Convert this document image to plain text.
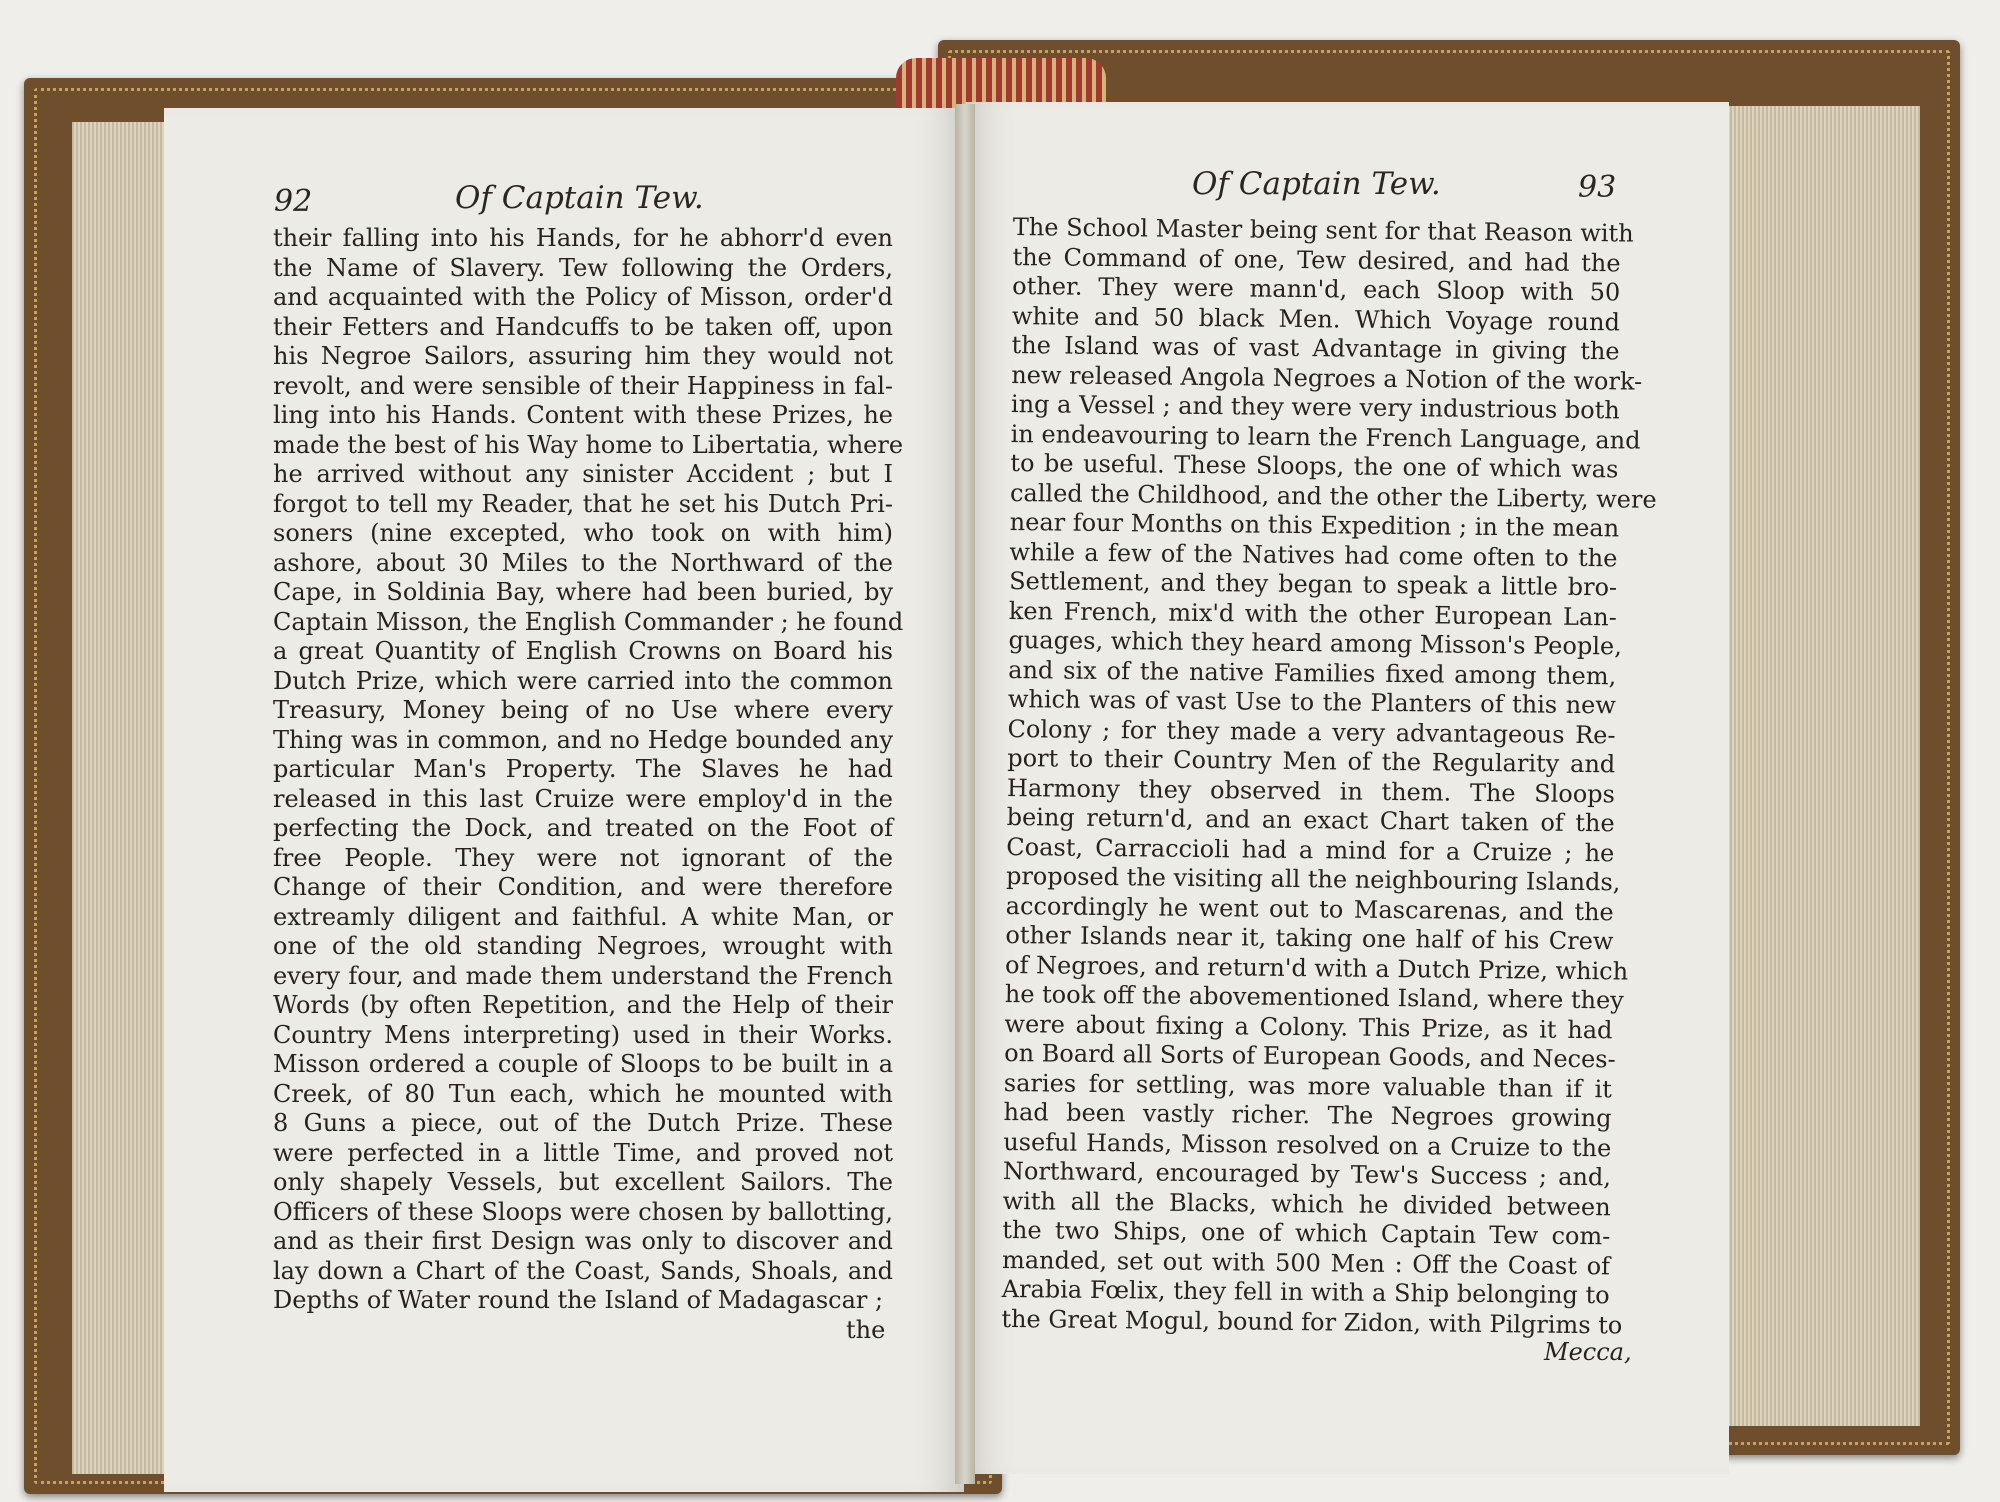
92	Of Captain Tew.	Of Captain Tew.	93
their falling into his Hands, for he abhorr'd even
the Name of Slavery. Tew following the Orders,
and acquainted with the Policy of Misson, order'd
their Fetters and Handcuffs to be taken off, upon
his Negroe Sailors, assuring him they would not
revolt, and were sensible of their Happiness in fal-
ling into his Hands. Content with these Prizes, he
made the best of his Way home to Libertatia, where
he arrived without any sinister Accident ; but I
forgot to tell my Reader, that he set his Dutch Pri-
soners (nine excepted, who took on with him)
ashore, about 30 Miles to the Northward of the
Cape, in Soldinia Bay, where had been buried, by
Captain Misson, the English Commander ; he found
a great Quantity of English Crowns on Board his
Dutch Prize, which were carried into the common
Treasury, Money being of no Use where every
Thing was in common, and no Hedge bounded any
particular Man's Property. The Slaves he had
released in this last Cruize were employ'd in the
perfecting the Dock, and treated on the Foot of
free People. They were not ignorant of the
Change of their Condition, and were therefore
extreamly diligent and faithful. A white Man, or
one of the old standing Negroes, wrought with
every four, and made them understand the French
Words (by often Repetition, and the Help of their
Country Mens interpreting) used in their Works.
Misson ordered a couple of Sloops to be built in a
Creek, of 80 Tun each, which he mounted with
8 Guns a piece, out of the Dutch Prize. These
were perfected in a little Time, and proved not
only shapely Vessels, but excellent Sailors. The
Officers of these Sloops were chosen by ballotting,
and as their first Design was only to discover and
lay down a Chart of the Coast, Sands, Shoals, and
Depths of Water round the Island of Madagascar ;
the
The School Master being sent for that Reason with
the Command of one, Tew desired, and had the
other. They were mann'd, each Sloop with 50
white and 50 black Men. Which Voyage round
the Island was of vast Advantage in giving the
new released Angola Negroes a Notion of the work-
ing a Vessel ; and they were very industrious both
in endeavouring to learn the French Language, and
to be useful. These Sloops, the one of which was
called the Childhood, and the other the Liberty, were
near four Months on this Expedition ; in the mean
while a few of the Natives had come often to the
Settlement, and they began to speak a little bro-
ken French, mix'd with the other European Lan-
guages, which they heard among Misson's People,
and six of the native Families fixed among them,
which was of vast Use to the Planters of this new
Colony ; for they made a very advantageous Re-
port to their Country Men of the Regularity and
Harmony they observed in them. The Sloops
being return'd, and an exact Chart taken of the
Coast, Carraccioli had a mind for a Cruize ; he
proposed the visiting all the neighbouring Islands,
accordingly he went out to Mascarenas, and the
other Islands near it, taking one half of his Crew
of Negroes, and return'd with a Dutch Prize, which
he took off the abovementioned Island, where they
were about fixing a Colony. This Prize, as it had
on Board all Sorts of European Goods, and Neces-
saries for settling, was more valuable than if it
had been vastly richer. The Negroes growing
useful Hands, Misson resolved on a Cruize to the
Northward, encouraged by Tew's Success ; and,
with all the Blacks, which he divided between
the two Ships, one of which Captain Tew com-
manded, set out with 500 Men : Off the Coast of
Arabia Fœlix, they fell in with a Ship belonging to
the Great Mogul, bound for Zidon, with Pilgrims to
Mecca,
